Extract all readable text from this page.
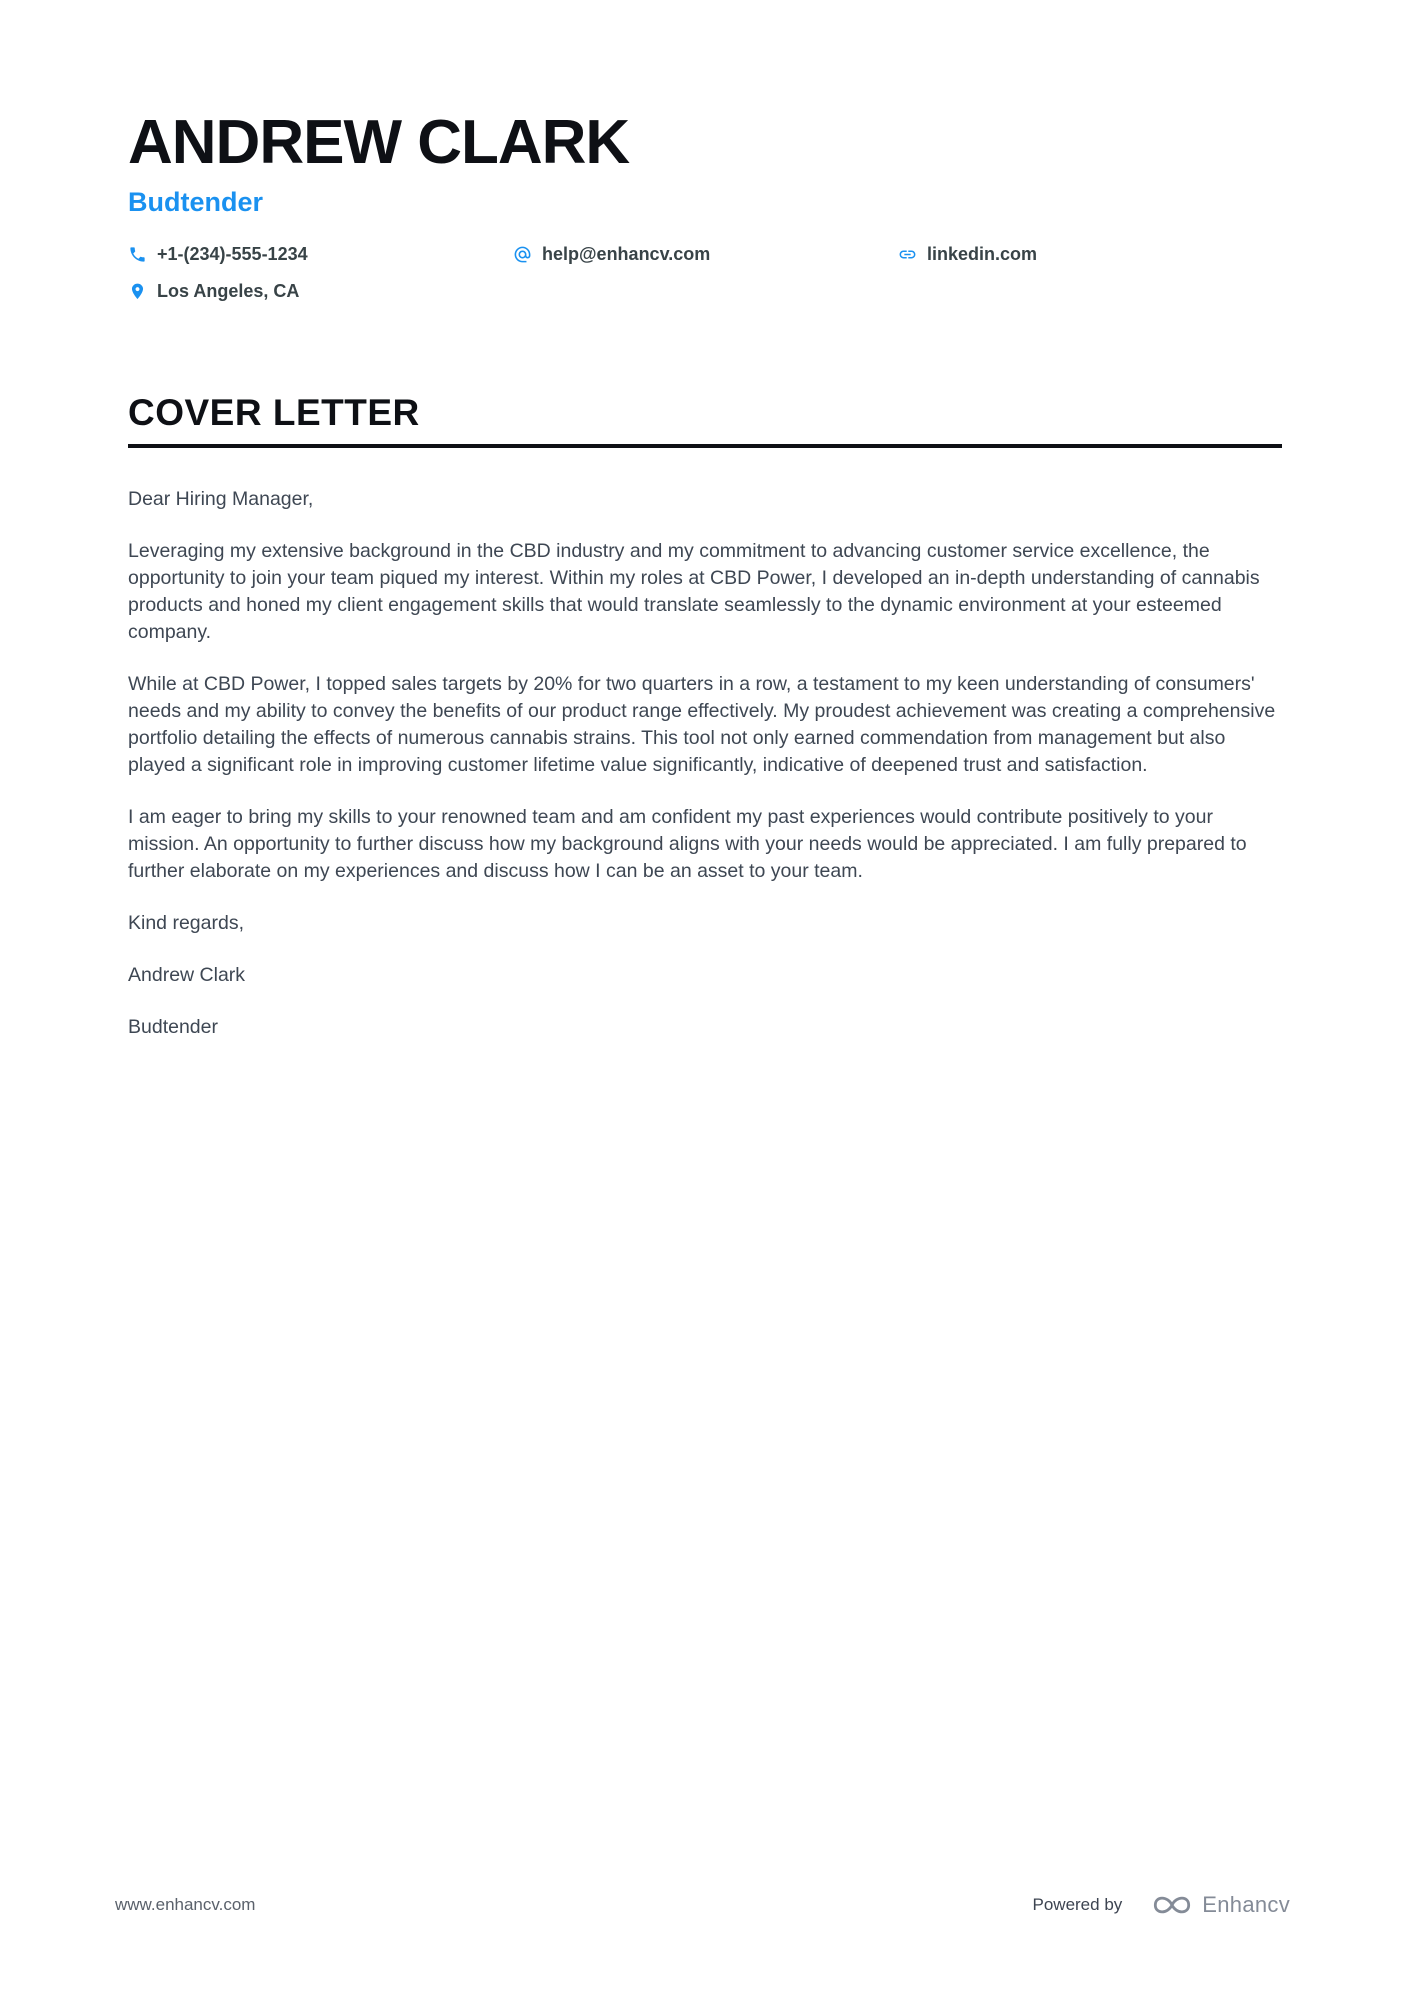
ANDREW CLARK
Budtender
+1-(234)-555-1234	help@enhancv.com	linkedin.com
Los Angeles, CA
COVER LETTER

Dear Hiring Manager,

Leveraging my extensive background in the CBD industry and my commitment to advancing customer service excellence, the opportunity to join your team piqued my interest. Within my roles at CBD Power, I developed an in-depth understanding of cannabis products and honed my client engagement skills that would translate seamlessly to the dynamic environment at your esteemed company.

While at CBD Power, I topped sales targets by 20% for two quarters in a row, a testament to my keen understanding of consumers' needs and my ability to convey the benefits of our product range effectively. My proudest achievement was creating a comprehensive portfolio detailing the effects of numerous cannabis strains. This tool not only earned commendation from management but also played a significant role in improving customer lifetime value significantly, indicative of deepened trust and satisfaction.

I am eager to bring my skills to your renowned team and am confident my past experiences would contribute positively to your mission. An opportunity to further discuss how my background aligns with your needs would be appreciated. I am fully prepared to further elaborate on my experiences and discuss how I can be an asset to your team.

Kind regards,

Andrew Clark

Budtender

www.enhancv.com	Powered by	Enhancv
